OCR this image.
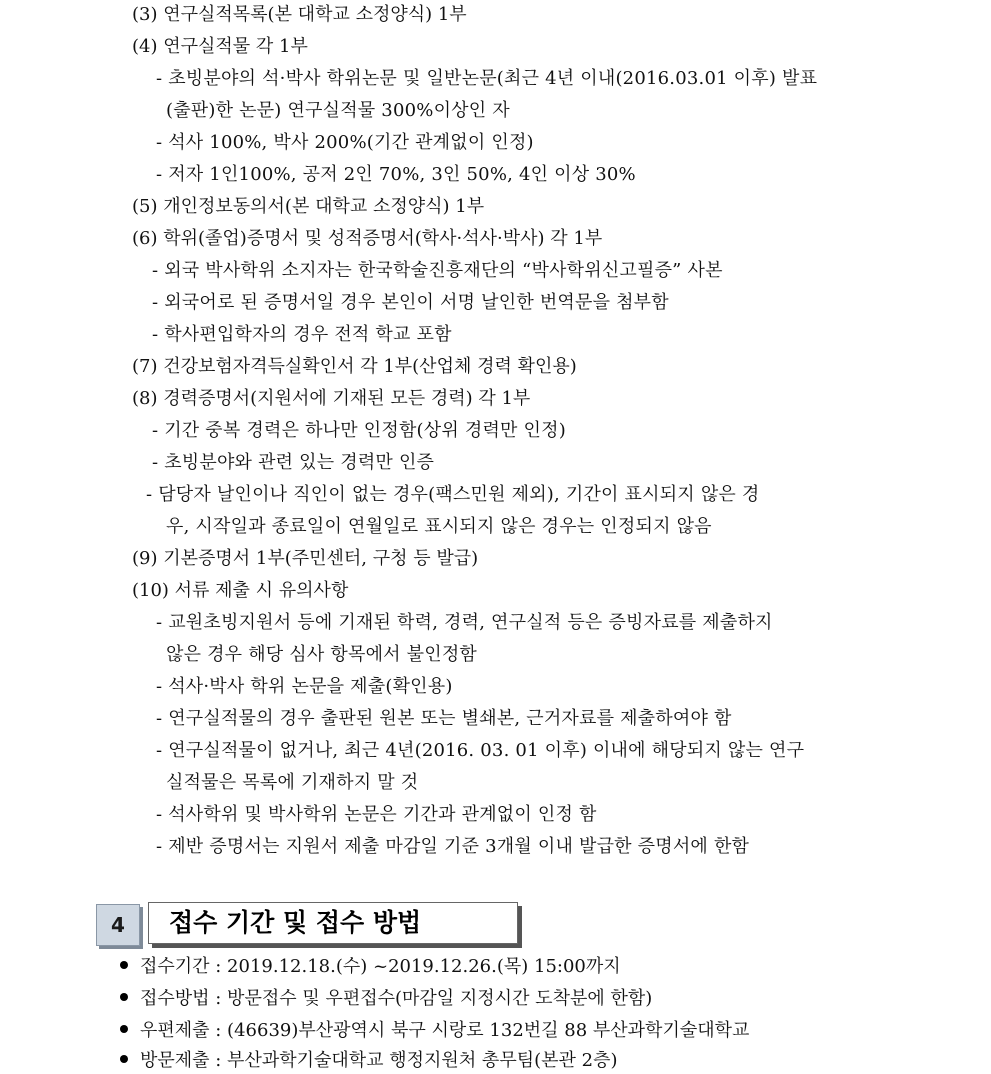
(3) 연구실적목록(본 대학교 소정양식) 1부
(4) 연구실적물 각 1부
- 초빙분야의 석·박사 학위논문 및 일반논문(최근 4년 이내(2016.03.01 이후) 발표
(출판)한 논문) 연구실적물 300%이상인 자
- 석사 100%, 박사 200%(기간 관계없이 인정)
- 저자 1인100%, 공저 2인 70%, 3인 50%, 4인 이상 30%
(5) 개인정보동의서(본 대학교 소정양식) 1부
(6) 학위(졸업)증명서 및 성적증명서(학사·석사·박사) 각 1부
- 외국 박사학위 소지자는 한국학술진흥재단의 “박사학위신고필증” 사본
- 외국어로 된 증명서일 경우 본인이 서명 날인한 번역문을 첨부함
- 학사편입학자의 경우 전적 학교 포함
(7) 건강보험자격득실확인서 각 1부(산업체 경력 확인용)
(8) 경력증명서(지원서에 기재된 모든 경력) 각 1부
- 기간 중복 경력은 하나만 인정함(상위 경력만 인정)
- 초빙분야와 관련 있는 경력만 인증
- 담당자 날인이나 직인이 없는 경우(팩스민원 제외), 기간이 표시되지 않은 경
우, 시작일과 종료일이 연월일로 표시되지 않은 경우는 인정되지 않음
(9) 기본증명서 1부(주민센터, 구청 등 발급)
(10) 서류 제출 시 유의사항
- 교원초빙지원서 등에 기재된 학력, 경력, 연구실적 등은 증빙자료를 제출하지
않은 경우 해당 심사 항목에서 불인정함
- 석사·박사 학위 논문을 제출(확인용)
- 연구실적물의 경우 출판된 원본 또는 별쇄본, 근거자료를 제출하여야 함
- 연구실적물이 없거나, 최근 4년(2016. 03. 01 이후) 이내에 해당되지 않는 연구
실적물은 목록에 기재하지 말 것
- 석사학위 및 박사학위 논문은 기간과 관계없이 인정 함
- 제반 증명서는 지원서 제출 마감일 기준 3개월 이내 발급한 증명서에 한함
4	접수 기간 및 접수 방법
접수기간 : 2019.12.18.(수) ~2019.12.26.(목) 15:00까지
접수방법 : 방문접수 및 우편접수(마감일 지정시간 도착분에 한함)
우편제출 : (46639)부산광역시 북구 시랑로 132번길 88 부산과학기술대학교
방문제출 : 부산과학기술대학교 행정지원처 총무팀(본관 2층)
